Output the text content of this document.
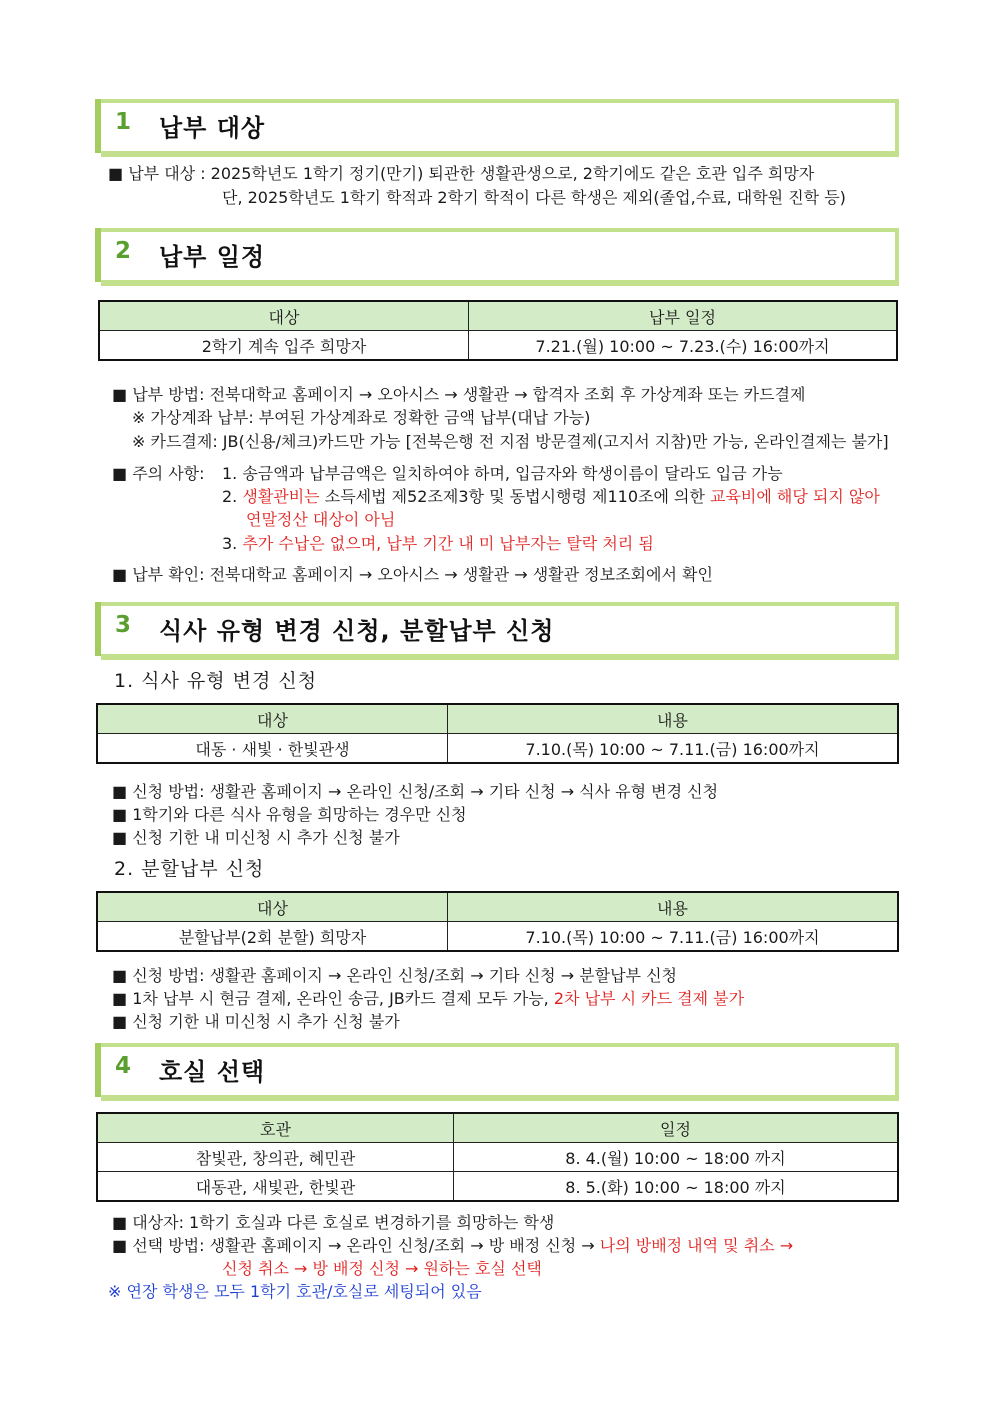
1 납부 대상
■ 납부 대상 : 2025학년도 1학기 정기(만기) 퇴관한 생활관생으로, 2학기에도 같은 호관 입주 희망자
단, 2025학년도 1학기 학적과 2학기 학적이 다른 학생은 제외(졸업,수료, 대학원 진학 등)
2 납부 일정
대상	납부 일정
2학기 계속 입주 희망자	7.21.(월) 10:00 ~ 7.23.(수) 16:00까지
■ 납부 방법: 전북대학교 홈페이지 → 오아시스 → 생활관 → 합격자 조회 후 가상계좌 또는 카드결제
※ 가상계좌 납부: 부여된 가상계좌로 정확한 금액 납부(대납 가능)
※ 카드결제: JB(신용/체크)카드만 가능 [전북은행 전 지점 방문결제(고지서 지참)만 가능, 온라인결제는 불가]
■ 주의 사항: 1. 송금액과 납부금액은 일치하여야 하며, 입금자와 학생이름이 달라도 입금 가능
2. 생활관비는 소득세법 제52조제3항 및 동법시행령 제110조에 의한 교육비에 해당 되지 않아
연말정산 대상이 아님
3. 추가 수납은 없으며, 납부 기간 내 미 납부자는 탈락 처리 됨
■ 납부 확인: 전북대학교 홈페이지 → 오아시스 → 생활관 → 생활관 정보조회에서 확인
3 식사 유형 변경 신청, 분할납부 신청
1. 식사 유형 변경 신청
대상	내용
대동 · 새빛 · 한빛관생	7.10.(목) 10:00 ~ 7.11.(금) 16:00까지
■ 신청 방법: 생활관 홈페이지 → 온라인 신청/조회 → 기타 신청 → 식사 유형 변경 신청
■ 1학기와 다른 식사 유형을 희망하는 경우만 신청
■ 신청 기한 내 미신청 시 추가 신청 불가
2. 분할납부 신청
대상	내용
분할납부(2회 분할) 희망자	7.10.(목) 10:00 ~ 7.11.(금) 16:00까지
■ 신청 방법: 생활관 홈페이지 → 온라인 신청/조회 → 기타 신청 → 분할납부 신청
■ 1차 납부 시 현금 결제, 온라인 송금, JB카드 결제 모두 가능, 2차 납부 시 카드 결제 불가
■ 신청 기한 내 미신청 시 추가 신청 불가
4 호실 선택
호관	일정
참빛관, 창의관, 혜민관	8. 4.(월) 10:00 ~ 18:00 까지
대동관, 새빛관, 한빛관	8. 5.(화) 10:00 ~ 18:00 까지
■ 대상자: 1학기 호실과 다른 호실로 변경하기를 희망하는 학생
■ 선택 방법: 생활관 홈페이지 → 온라인 신청/조회 → 방 배정 신청 → 나의 방배정 내역 및 취소 →
신청 취소 → 방 배정 신청 → 원하는 호실 선택
※ 연장 학생은 모두 1학기 호관/호실로 세팅되어 있음
